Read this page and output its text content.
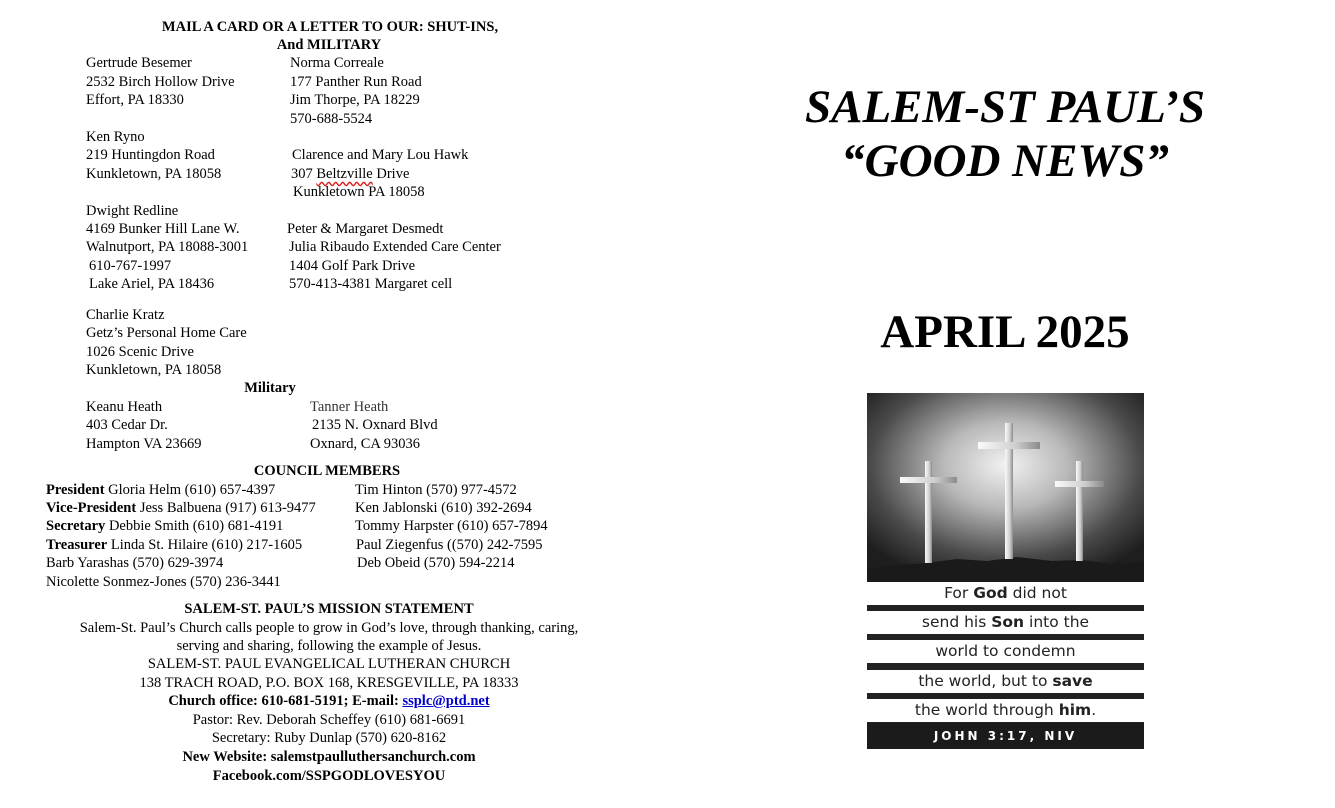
MAIL A CARD OR A LETTER TO OUR: SHUT-INS,
And MILITARY
Gertrude Besemer
2532 Birch Hollow Drive
Effort, PA 18330
Norma Correale
177 Panther Run Road
Jim Thorpe, PA 18229
570-688-5524
Ken Ryno
219 Huntingdon Road
Kunkletown, PA 18058
Clarence and Mary Lou Hawk
307 Beltzville Drive
Kunkletown PA 18058
Dwight Redline
4169 Bunker Hill Lane W.
Walnutport, PA 18088-3001
610-767-1997
Lake Ariel, PA 18436
Peter & Margaret Desmedt
Julia Ribaudo Extended Care Center
1404 Golf Park Drive
570-413-4381 Margaret cell
Charlie Kratz
Getz’s Personal Home Care
1026 Scenic Drive
Kunkletown, PA 18058
Military
Keanu Heath
403 Cedar Dr.
Hampton VA 23669
Tanner Heath
2135 N. Oxnard Blvd
Oxnard, CA 93036
COUNCIL MEMBERS
President Gloria Helm (610) 657-4397
Vice-President Jess Balbuena (917) 613-9477
Secretary Debbie Smith (610) 681-4191
Treasurer Linda St. Hilaire (610) 217-1605
Barb Yarashas (570) 629-3974
Nicolette Sonmez-Jones (570) 236-3441
Tim Hinton (570) 977-4572
Ken Jablonski (610) 392-2694
Tommy Harpster (610) 657-7894
Paul Ziegenfus ((570) 242-7595
Deb Obeid (570) 594-2214
SALEM-ST. PAUL’S MISSION STATEMENT
Salem-St. Paul’s Church calls people to grow in God’s love, through thanking, caring,
serving and sharing, following the example of Jesus.
SALEM-ST. PAUL EVANGELICAL LUTHERAN CHURCH
138 TRACH ROAD, P.O. BOX 168, KRESGEVILLE, PA 18333
Church office: 610-681-5191; E-mail: ssplc@ptd.net
Pastor: Rev. Deborah Scheffey (610) 681-6691
Secretary: Ruby Dunlap (570) 620-8162
New Website: salemstpaulluthersanchurch.com
Facebook.com/SSPGODLOVESYOU
SALEM-ST PAUL’S
“GOOD NEWS”
APRIL 2025
For God did not
send his Son into the
world to condemn
the world, but to save
the world through him.
JOHN 3:17, NIV
